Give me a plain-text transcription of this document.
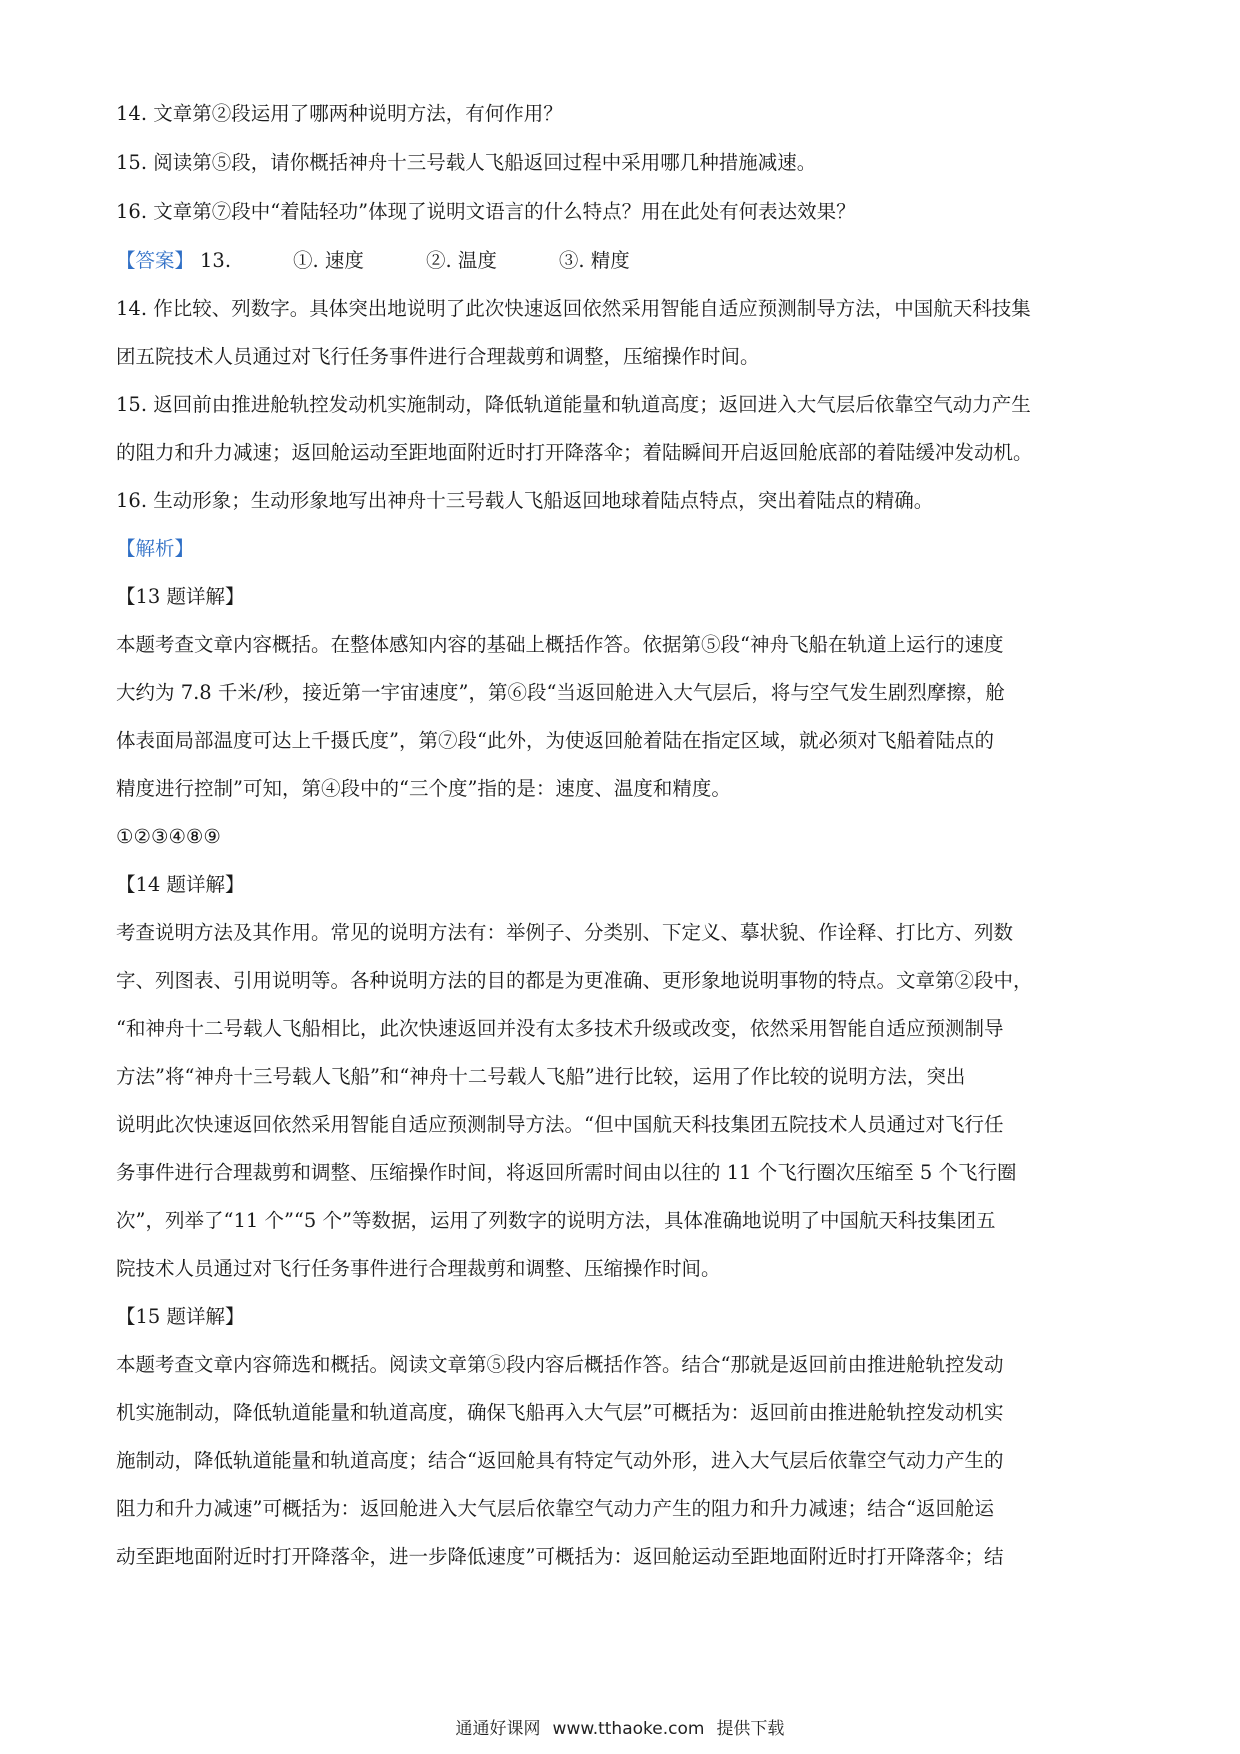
14. 文章第②段运用了哪两种说明方法，有何作用？

15. 阅读第⑤段，请你概括神舟十三号载人飞船返回过程中采用哪几种措施减速。

16. 文章第⑦段中“着陆轻功”体现了说明文语言的什么特点？用在此处有何表达效果？

【答案】 13.	①. 速度	②. 温度	③. 精度

14. 作比较、列数字。具体突出地说明了此次快速返回依然采用智能自适应预测制导方法，中国航天科技集

团五院技术人员通过对飞行任务事件进行合理裁剪和调整，压缩操作时间。

15. 返回前由推进舱轨控发动机实施制动，降低轨道能量和轨道高度；返回进入大气层后依靠空气动力产生

的阻力和升力减速；返回舱运动至距地面附近时打开降落伞；着陆瞬间开启返回舱底部的着陆缓冲发动机。

16. 生动形象；生动形象地写出神舟十三号载人飞船返回地球着陆点特点，突出着陆点的精确。

【解析】

【13 题详解】

本题考查文章内容概括。在整体感知内容的基础上概括作答。依据第⑤段“神舟飞船在轨道上运行的速度

大约为 7.8 千米/秒，接近第一宇宙速度”，第⑥段“当返回舱进入大气层后，将与空气发生剧烈摩擦，舱

体表面局部温度可达上千摄氏度”，第⑦段“此外，为使返回舱着陆在指定区域，就必须对飞船着陆点的

精度进行控制”可知，第④段中的“三个度”指的是：速度、温度和精度。

①②③④⑧⑨

【14 题详解】

考查说明方法及其作用。常见的说明方法有：举例子、分类别、下定义、摹状貌、作诠释、打比方、列数

字、列图表、引用说明等。各种说明方法的目的都是为更准确、更形象地说明事物的特点。文章第②段中，

“和神舟十二号载人飞船相比，此次快速返回并没有太多技术升级或改变，依然采用智能自适应预测制导

方法”将“神舟十三号载人飞船”和“神舟十二号载人飞船”进行比较，运用了作比较的说明方法，突出

说明此次快速返回依然采用智能自适应预测制导方法。“但中国航天科技集团五院技术人员通过对飞行任

务事件进行合理裁剪和调整、压缩操作时间，将返回所需时间由以往的 11 个飞行圈次压缩至 5 个飞行圈

次”，列举了“11 个”“5 个”等数据，运用了列数字的说明方法，具体准确地说明了中国航天科技集团五

院技术人员通过对飞行任务事件进行合理裁剪和调整、压缩操作时间。

【15 题详解】

本题考查文章内容筛选和概括。阅读文章第⑤段内容后概括作答。结合“那就是返回前由推进舱轨控发动

机实施制动，降低轨道能量和轨道高度，确保飞船再入大气层”可概括为：返回前由推进舱轨控发动机实

施制动，降低轨道能量和轨道高度；结合“返回舱具有特定气动外形，进入大气层后依靠空气动力产生的

阻力和升力减速”可概括为：返回舱进入大气层后依靠空气动力产生的阻力和升力减速；结合“返回舱运

动至距地面附近时打开降落伞，进一步降低速度”可概括为：返回舱运动至距地面附近时打开降落伞；结

通通好课网 www.tthaoke.com 提供下载
